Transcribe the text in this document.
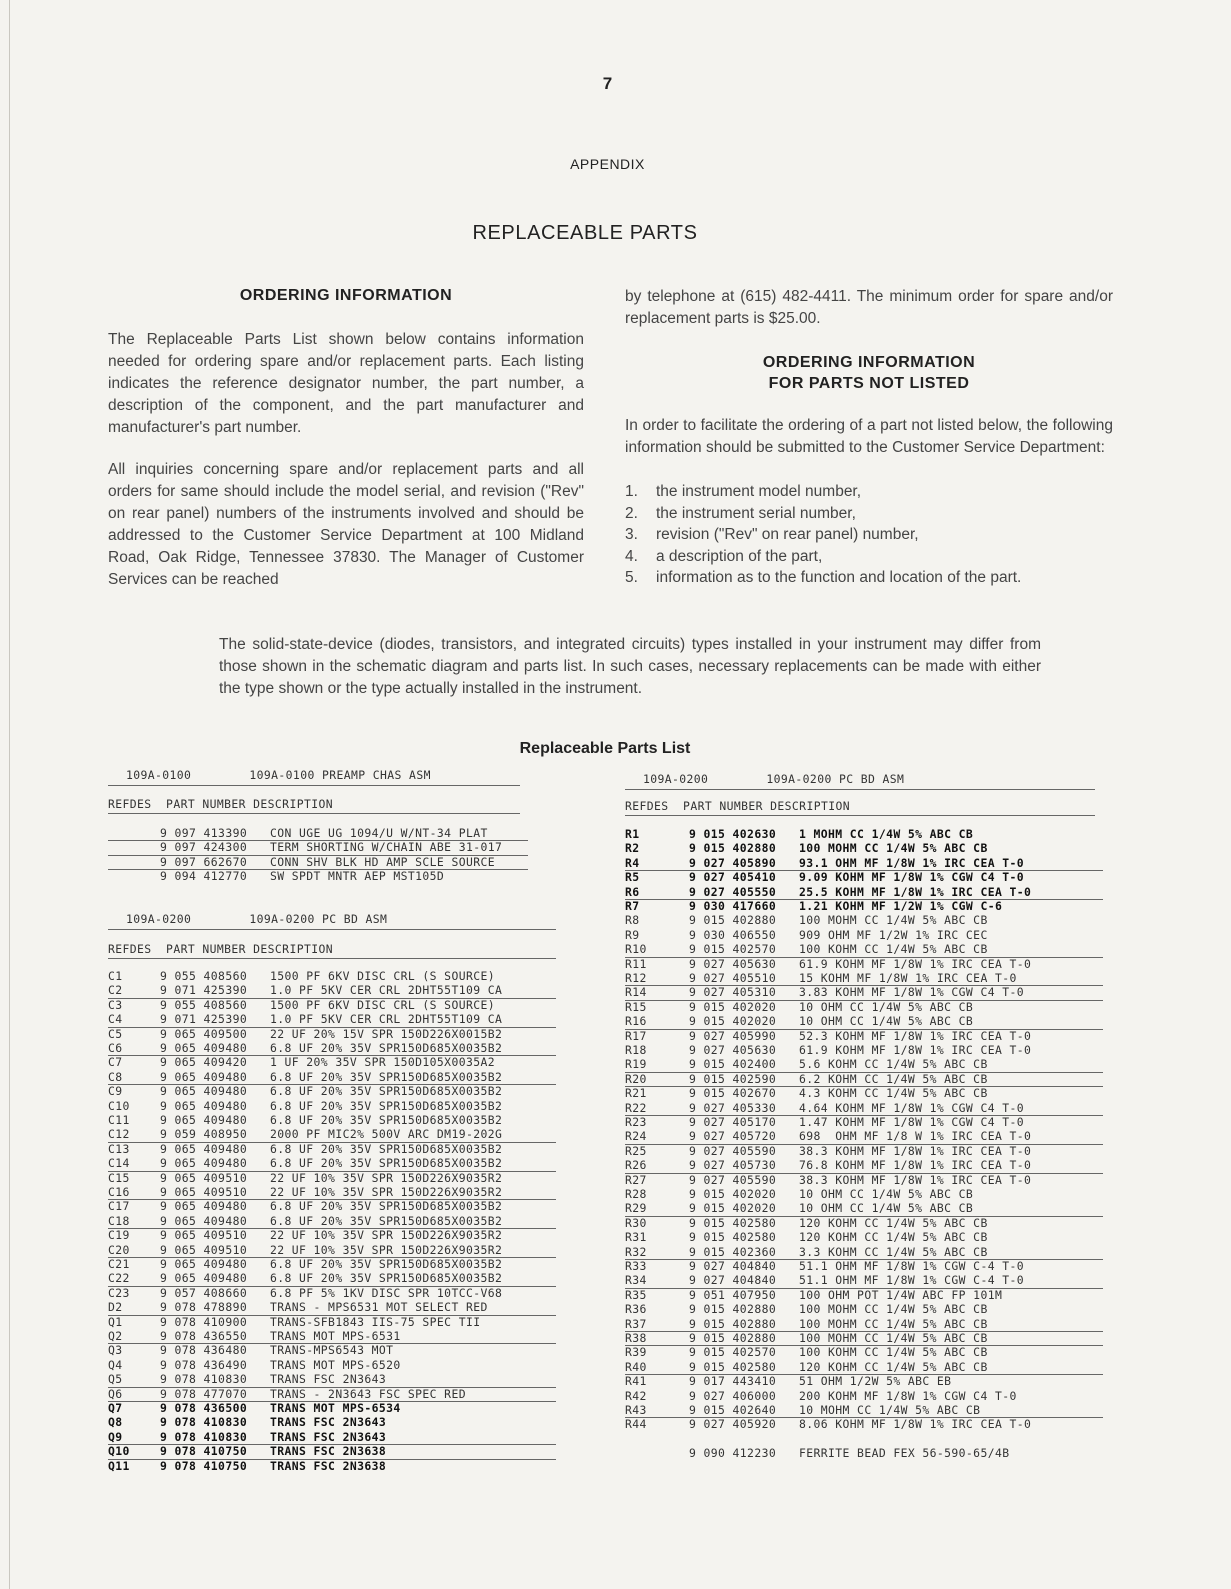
7
APPENDIX
REPLACEABLE PARTS
ORDERING INFORMATION
The Replaceable Parts List shown below contains information needed for ordering spare and/or replacement parts. Each listing indicates the reference designator number, the part number, a description of the component, and the part manufacturer and manufacturer's part number.
All inquiries concerning spare and/or replacement parts and all orders for same should include the model serial, and revision ("Rev" on rear panel) numbers of the instruments involved and should be addressed to the Customer Service Department at 100 Midland Road, Oak Ridge, Tennessee 37830. The Manager of Customer Services can be reached
by telephone at (615) 482-4411. The minimum order for spare and/or replacement parts is $25.00.
ORDERING INFORMATION
FOR PARTS NOT LISTED
In order to facilitate the ordering of a part not listed below, the following information should be submitted to the Customer Service Department:
1.	the instrument model number,
2.	the instrument serial number,
3.	revision ("Rev" on rear panel) number,
4.	a description of the part,
5.	information as to the function and location of the part.
The solid-state-device (diodes, transistors, and integrated circuits) types installed in your instrument may differ from those shown in the schematic diagram and parts list. In such cases, necessary replacements can be made with either the type shown or the type actually installed in the instrument.
Replaceable Parts List
109A-0100	109A-0100 PREAMP CHAS ASM
REFDES  PART NUMBER DESCRIPTION
9 097 413390 CON UGE UG 1094/U W/NT-34 PLAT
9 097 424300 TERM SHORTING W/CHAIN ABE 31-017
9 097 662670 CONN SHV BLK HD AMP SCLE SOURCE
9 094 412770 SW SPDT MNTR AEP MST105D
109A-0200	109A-0200 PC BD ASM
REFDES  PART NUMBER DESCRIPTION
C1	9 055 408560 1500 PF 6KV DISC CRL (S SOURCE)
C2	9 071 425390 1.0 PF 5KV CER CRL 2DHT55T109 CA
C3	9 055 408560 1500 PF 6KV DISC CRL (S SOURCE)
C4	9 071 425390 1.0 PF 5KV CER CRL 2DHT55T109 CA
C5	9 065 409500 22 UF 20% 15V SPR 150D226X0015B2
C6	9 065 409480 6.8 UF 20% 35V SPR150D685X0035B2
C7	9 065 409420 1 UF 20% 35V SPR 150D105X0035A2
C8	9 065 409480 6.8 UF 20% 35V SPR150D685X0035B2
C9	9 065 409480 6.8 UF 20% 35V SPR150D685X0035B2
C10	9 065 409480 6.8 UF 20% 35V SPR150D685X0035B2
C11	9 065 409480 6.8 UF 20% 35V SPR150D685X0035B2
C12	9 059 408950 2000 PF MIC2% 500V ARC DM19-202G
C13	9 065 409480 6.8 UF 20% 35V SPR150D685X0035B2
C14	9 065 409480 6.8 UF 20% 35V SPR150D685X0035B2
C15	9 065 409510 22 UF 10% 35V SPR 150D226X9035R2
C16	9 065 409510 22 UF 10% 35V SPR 150D226X9035R2
C17	9 065 409480 6.8 UF 20% 35V SPR150D685X0035B2
C18	9 065 409480 6.8 UF 20% 35V SPR150D685X0035B2
C19	9 065 409510 22 UF 10% 35V SPR 150D226X9035R2
C20	9 065 409510 22 UF 10% 35V SPR 150D226X9035R2
C21	9 065 409480 6.8 UF 20% 35V SPR150D685X0035B2
C22	9 065 409480 6.8 UF 20% 35V SPR150D685X0035B2
C23	9 057 408660 6.8 PF 5% 1KV DISC SPR 10TCC-V68
D2	9 078 478890 TRANS - MPS6531 MOT SELECT RED
Q1	9 078 410900 TRANS-SFB1843 IIS-75 SPEC TII
Q2	9 078 436550 TRANS MOT MPS-6531
Q3	9 078 436480 TRANS-MPS6543 MOT
Q4	9 078 436490 TRANS MOT MPS-6520
Q5	9 078 410830 TRANS FSC 2N3643
Q6	9 078 477070 TRANS - 2N3643 FSC SPEC RED
Q7	9 078 436500 TRANS MOT MPS-6534
Q8	9 078 410830 TRANS FSC 2N3643
Q9	9 078 410830 TRANS FSC 2N3643
Q10	9 078 410750 TRANS FSC 2N3638
Q11	9 078 410750 TRANS FSC 2N3638
109A-0200	109A-0200 PC BD ASM
REFDES  PART NUMBER DESCRIPTION
R1	9 015 402630 1 MOHM CC 1/4W 5% ABC CB
R2	9 015 402880 100 MOHM CC 1/4W 5% ABC CB
R4	9 027 405890 93.1 OHM MF 1/8W 1% IRC CEA T-0
R5	9 027 405410 9.09 KOHM MF 1/8W 1% CGW C4 T-0
R6	9 027 405550 25.5 KOHM MF 1/8W 1% IRC CEA T-0
R7	9 030 417660 1.21 KOHM MF 1/2W 1% CGW C-6
R8	9 015 402880 100 MOHM CC 1/4W 5% ABC CB
R9	9 030 406550 909 OHM MF 1/2W 1% IRC CEC
R10	9 015 402570 100 KOHM CC 1/4W 5% ABC CB
R11	9 027 405630 61.9 KOHM MF 1/8W 1% IRC CEA T-0
R12	9 027 405510 15 KOHM MF 1/8W 1% IRC CEA T-0
R14	9 027 405310 3.83 KOHM MF 1/8W 1% CGW C4 T-0
R15	9 015 402020 10 OHM CC 1/4W 5% ABC CB
R16	9 015 402020 10 OHM CC 1/4W 5% ABC CB
R17	9 027 405990 52.3 KOHM MF 1/8W 1% IRC CEA T-0
R18	9 027 405630 61.9 KOHM MF 1/8W 1% IRC CEA T-0
R19	9 015 402400 5.6 KOHM CC 1/4W 5% ABC CB
R20	9 015 402590 6.2 KOHM CC 1/4W 5% ABC CB
R21	9 015 402670 4.3 KOHM CC 1/4W 5% ABC CB
R22	9 027 405330 4.64 KOHM MF 1/8W 1% CGW C4 T-0
R23	9 027 405170 1.47 KOHM MF 1/8W 1% CGW C4 T-0
R24	9 027 405720 698  OHM MF 1/8 W 1% IRC CEA T-0
R25	9 027 405590 38.3 KOHM MF 1/8W 1% IRC CEA T-0
R26	9 027 405730 76.8 KOHM MF 1/8W 1% IRC CEA T-0
R27	9 027 405590 38.3 KOHM MF 1/8W 1% IRC CEA T-0
R28	9 015 402020 10 OHM CC 1/4W 5% ABC CB
R29	9 015 402020 10 OHM CC 1/4W 5% ABC CB
R30	9 015 402580 120 KOHM CC 1/4W 5% ABC CB
R31	9 015 402580 120 KOHM CC 1/4W 5% ABC CB
R32	9 015 402360 3.3 KOHM CC 1/4W 5% ABC CB
R33	9 027 404840 51.1 OHM MF 1/8W 1% CGW C-4 T-0
R34	9 027 404840 51.1 OHM MF 1/8W 1% CGW C-4 T-0
R35	9 051 407950 100 OHM POT 1/4W ABC FP 101M
R36	9 015 402880 100 MOHM CC 1/4W 5% ABC CB
R37	9 015 402880 100 MOHM CC 1/4W 5% ABC CB
R38	9 015 402880 100 MOHM CC 1/4W 5% ABC CB
R39	9 015 402570 100 KOHM CC 1/4W 5% ABC CB
R40	9 015 402580 120 KOHM CC 1/4W 5% ABC CB
R41	9 017 443410 51 OHM 1/2W 5% ABC EB
R42	9 027 406000 200 KOHM MF 1/8W 1% CGW C4 T-0
R43	9 015 402640 10 MOHM CC 1/4W 5% ABC CB
R44	9 027 405920 8.06 KOHM MF 1/8W 1% IRC CEA T-0
9 090 412230 FERRITE BEAD FEX 56-590-65/4B
